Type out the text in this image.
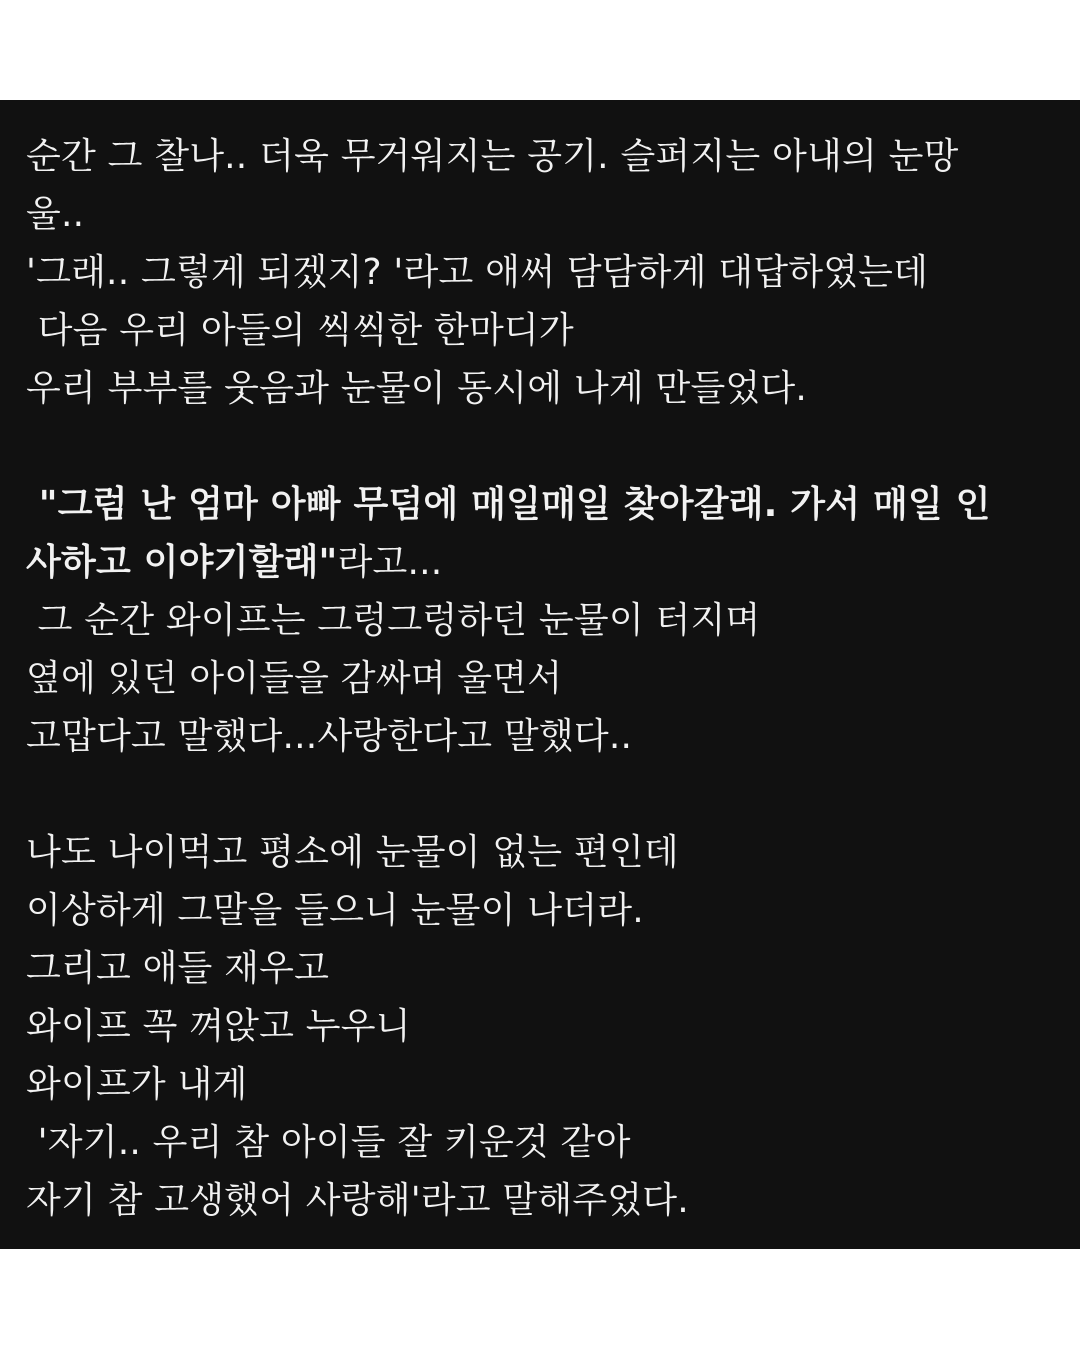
순간 그 찰나.. 더욱 무거워지는 공기. 슬퍼지는 아내의 눈망
울..
'그래.. 그렇게 되겠지? '라고 애써 담담하게 대답하였는데
다음 우리 아들의 씩씩한 한마디가
우리 부부를 웃음과 눈물이 동시에 나게 만들었다.
"그럼 난 엄마 아빠 무덤에 매일매일 찾아갈래. 가서 매일 인
사하고 이야기할래"라고...
그 순간 와이프는 그렁그렁하던 눈물이 터지며
옆에 있던 아이들을 감싸며 울면서
고맙다고 말했다...사랑한다고 말했다..
나도 나이먹고 평소에 눈물이 없는 편인데
이상하게 그말을 들으니 눈물이 나더라.
그리고 애들 재우고
와이프 꼭 껴앉고 누우니
와이프가 내게
'자기.. 우리 참 아이들 잘 키운것 같아
자기 참 고생했어 사랑해'라고 말해주었다.
